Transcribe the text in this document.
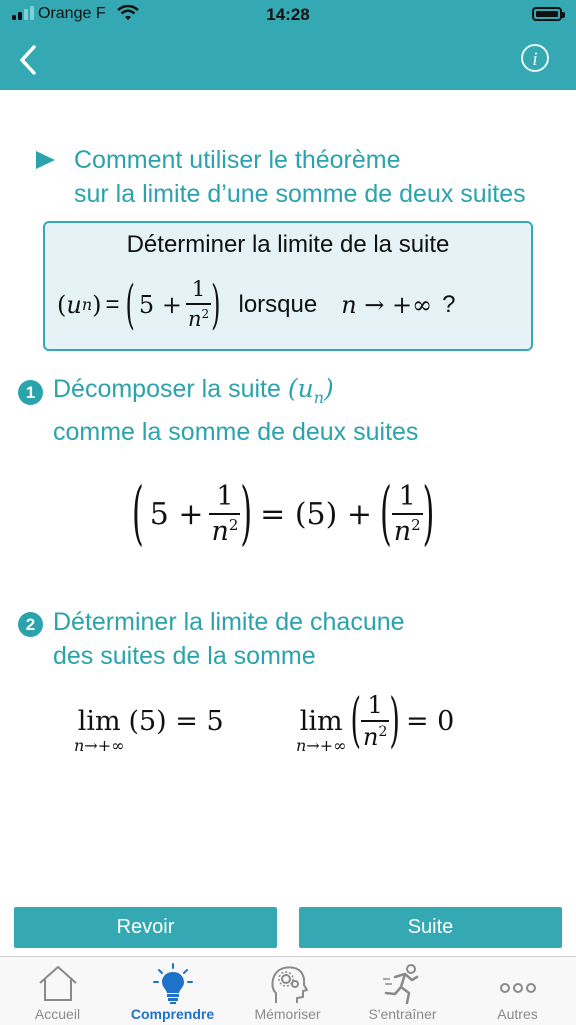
Orange F	14:28
i
Comment utiliser le théorème
sur la limite d’une somme de deux suites
Déterminer la limite de la suite
( u n ) = ( $5 + \frac{1}{n^2}$ ) lorsque n → +∞ ?
1 Décomposer la suite $(u_n)$
comme la somme de deux suites
( $5 + \frac{1}{n^2}$ ) = (5) + ( $\frac{1}{n^2}$ )
2 Déterminer la limite de chacune
des suites de la somme
lim
n→+∞
(5) = 5	lim
n→+∞ ( $\frac{1}{n^2}$ ) = 0
Revoir	Suite
Accueil	Comprendre	Mémoriser	S'entraîner	Autres
